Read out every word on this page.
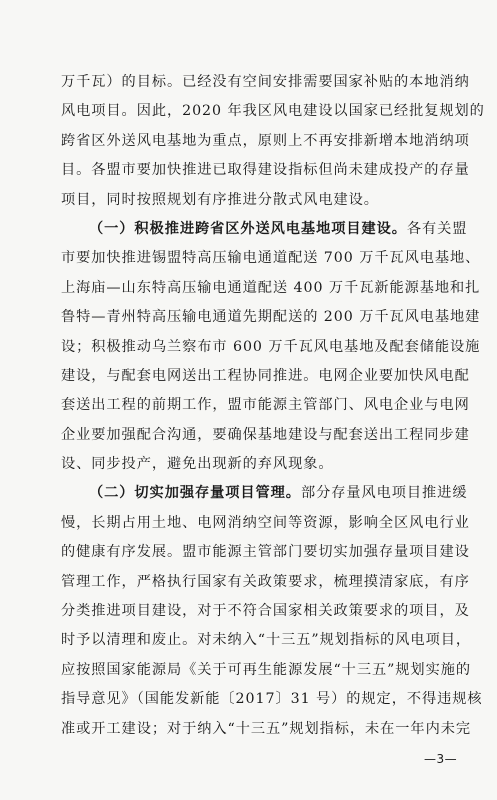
万千瓦）的目标。已经没有空间安排需要国家补贴的本地消纳
风电项目。因此，2020 年我区风电建设以国家已经批复规划的
跨省区外送风电基地为重点，原则上不再安排新增本地消纳项
目。各盟市要加快推进已取得建设指标但尚未建成投产的存量
项目，同时按照规划有序推进分散式风电建设。
（一）积极推进跨省区外送风电基地项目建设。各有关盟
市要加快推进锡盟特高压输电通道配送 700 万千瓦风电基地、
上海庙—山东特高压输电通道配送 400 万千瓦新能源基地和扎
鲁特—青州特高压输电通道先期配送的 200 万千瓦风电基地建
设；积极推动乌兰察布市 600 万千瓦风电基地及配套储能设施
建设，与配套电网送出工程协同推进。电网企业要加快风电配
套送出工程的前期工作，盟市能源主管部门、风电企业与电网
企业要加强配合沟通，要确保基地建设与配套送出工程同步建
设、同步投产，避免出现新的弃风现象。
（二）切实加强存量项目管理。部分存量风电项目推进缓
慢，长期占用土地、电网消纳空间等资源，影响全区风电行业
的健康有序发展。盟市能源主管部门要切实加强存量项目建设
管理工作，严格执行国家有关政策要求，梳理摸清家底，有序
分类推进项目建设，对于不符合国家相关政策要求的项目，及
时予以清理和废止。对未纳入“十三五”规划指标的风电项目，
应按照国家能源局《关于可再生能源发展“十三五”规划实施的
指导意见》（国能发新能〔2017〕31 号）的规定，不得违规核
准或开工建设；对于纳入“十三五”规划指标，未在一年内未完
—3—
